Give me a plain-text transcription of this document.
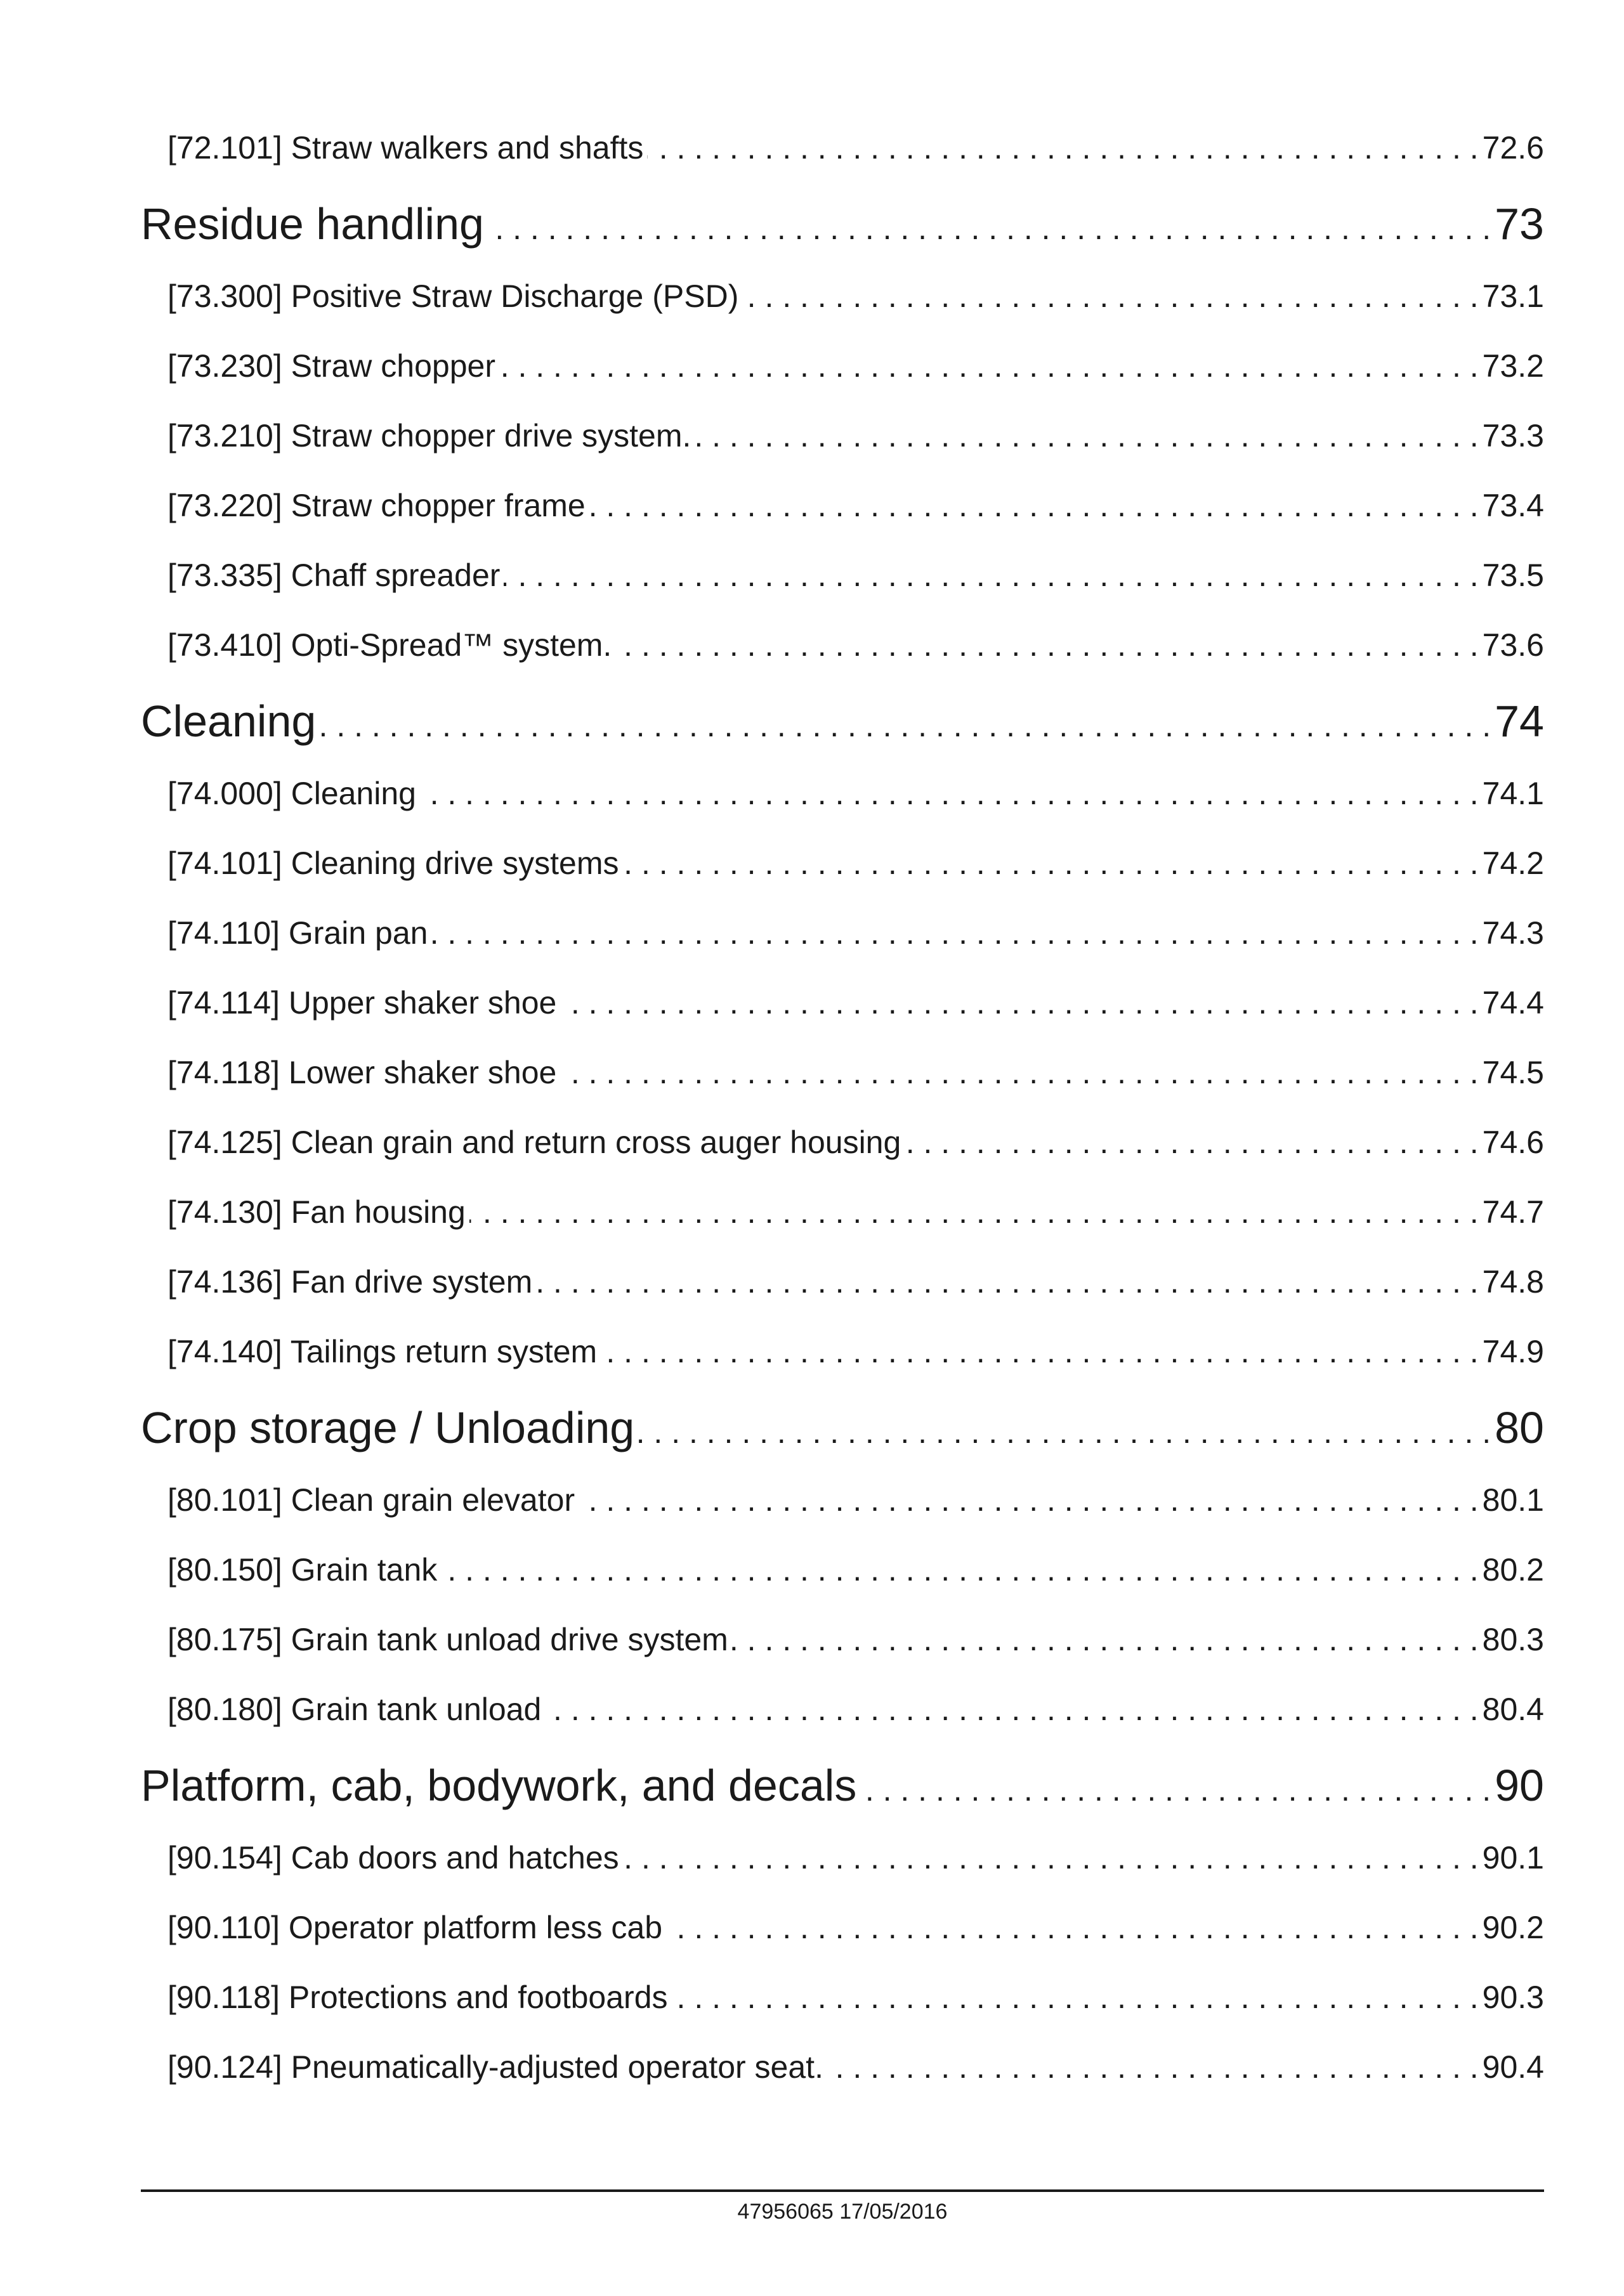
[72.101] Straw walkers and shafts . . .	72.6
Residue handling . . .	73
[73.300] Positive Straw Discharge (PSD) . . .	73.1
[73.230] Straw chopper . . .	73.2
[73.210] Straw chopper drive system. . . .	73.3
[73.220] Straw chopper frame . . .	73.4
[73.335] Chaff spreader . . .	73.5
[73.410] Opti-Spread™ system. . . .	73.6
Cleaning . . .	74
[74.000] Cleaning . . .	74.1
[74.101] Cleaning drive systems . . .	74.2
[74.110] Grain pan . . .	74.3
[74.114] Upper shaker shoe . . .	74.4
[74.118] Lower shaker shoe . . .	74.5
[74.125] Clean grain and return cross auger housing . . .	74.6
[74.130] Fan housing . . .	74.7
[74.136] Fan drive system . . .	74.8
[74.140] Tailings return system . . .	74.9
Crop storage / Unloading . . .	80
[80.101] Clean grain elevator . . .	80.1
[80.150] Grain tank . . .	80.2
[80.175] Grain tank unload drive system . . .	80.3
[80.180] Grain tank unload . . .	80.4
Platform, cab, bodywork, and decals . . .	90
[90.154] Cab doors and hatches . . .	90.1
[90.110] Operator platform less cab . . .	90.2
[90.118] Protections and footboards . . .	90.3
[90.124] Pneumatically-adjusted operator seat. . . .	90.4
47956065 17/05/2016
